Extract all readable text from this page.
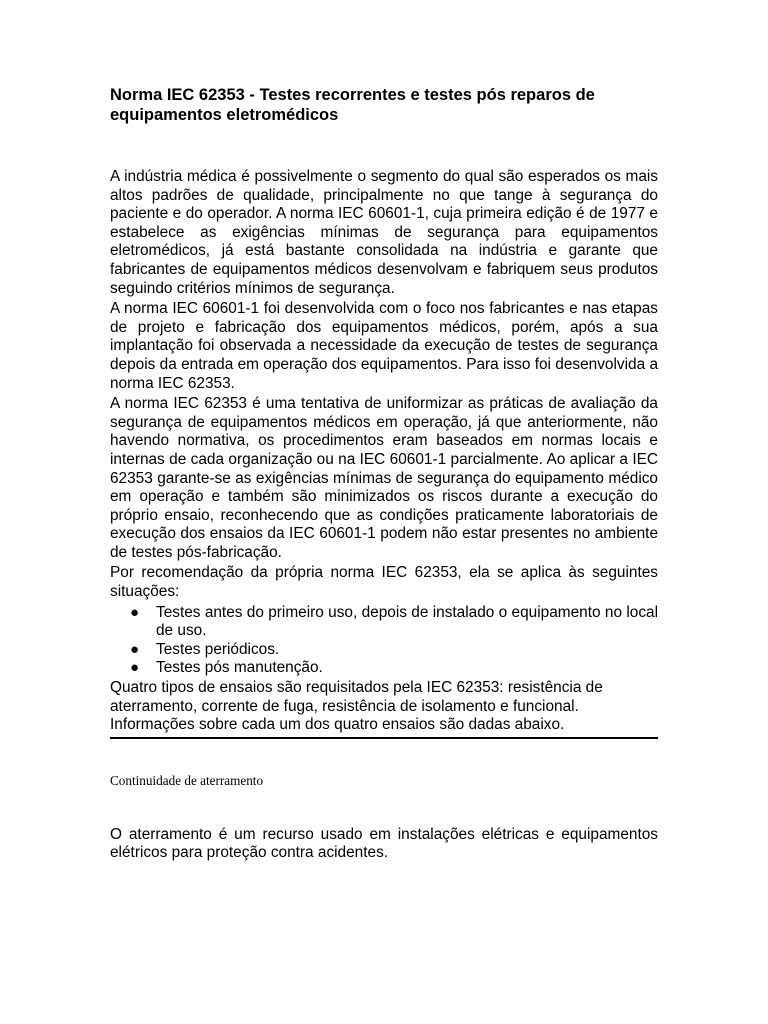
Norma IEC 62353 - Testes recorrentes e testes pós reparos de equipamentos eletromédicos

A indústria médica é possivelmente o segmento do qual são esperados os mais altos padrões de qualidade, principalmente no que tange à segurança do paciente e do operador. A norma IEC 60601-1, cuja primeira edição é de 1977 e estabelece as exigências mínimas de segurança para equipamentos eletromédicos, já está bastante consolidada na indústria e garante que fabricantes de equipamentos médicos desenvolvam e fabriquem seus produtos seguindo critérios mínimos de segurança.

A norma IEC 60601-1 foi desenvolvida com o foco nos fabricantes e nas etapas de projeto e fabricação dos equipamentos médicos, porém, após a sua implantação foi observada a necessidade da execução de testes de segurança depois da entrada em operação dos equipamentos. Para isso foi desenvolvida a norma IEC 62353.

A norma IEC 62353 é uma tentativa de uniformizar as práticas de avaliação da segurança de equipamentos médicos em operação, já que anteriormente, não havendo normativa, os procedimentos eram baseados em normas locais e internas de cada organização ou na IEC 60601-1 parcialmente. Ao aplicar a IEC 62353 garante-se as exigências mínimas de segurança do equipamento médico em operação e também são minimizados os riscos durante a execução do próprio ensaio, reconhecendo que as condições praticamente laboratoriais de execução dos ensaios da IEC 60601-1 podem não estar presentes no ambiente de testes pós-fabricação.

Por recomendação da própria norma IEC 62353, ela se aplica às seguintes situações:

● Testes antes do primeiro uso, depois de instalado o equipamento no local de uso.
● Testes periódicos.
● Testes pós manutenção.

Quatro tipos de ensaios são requisitados pela IEC 62353: resistência de aterramento, corrente de fuga, resistência de isolamento e funcional. Informações sobre cada um dos quatro ensaios são dadas abaixo.

Continuidade de aterramento

O aterramento é um recurso usado em instalações elétricas e equipamentos elétricos para proteção contra acidentes.
